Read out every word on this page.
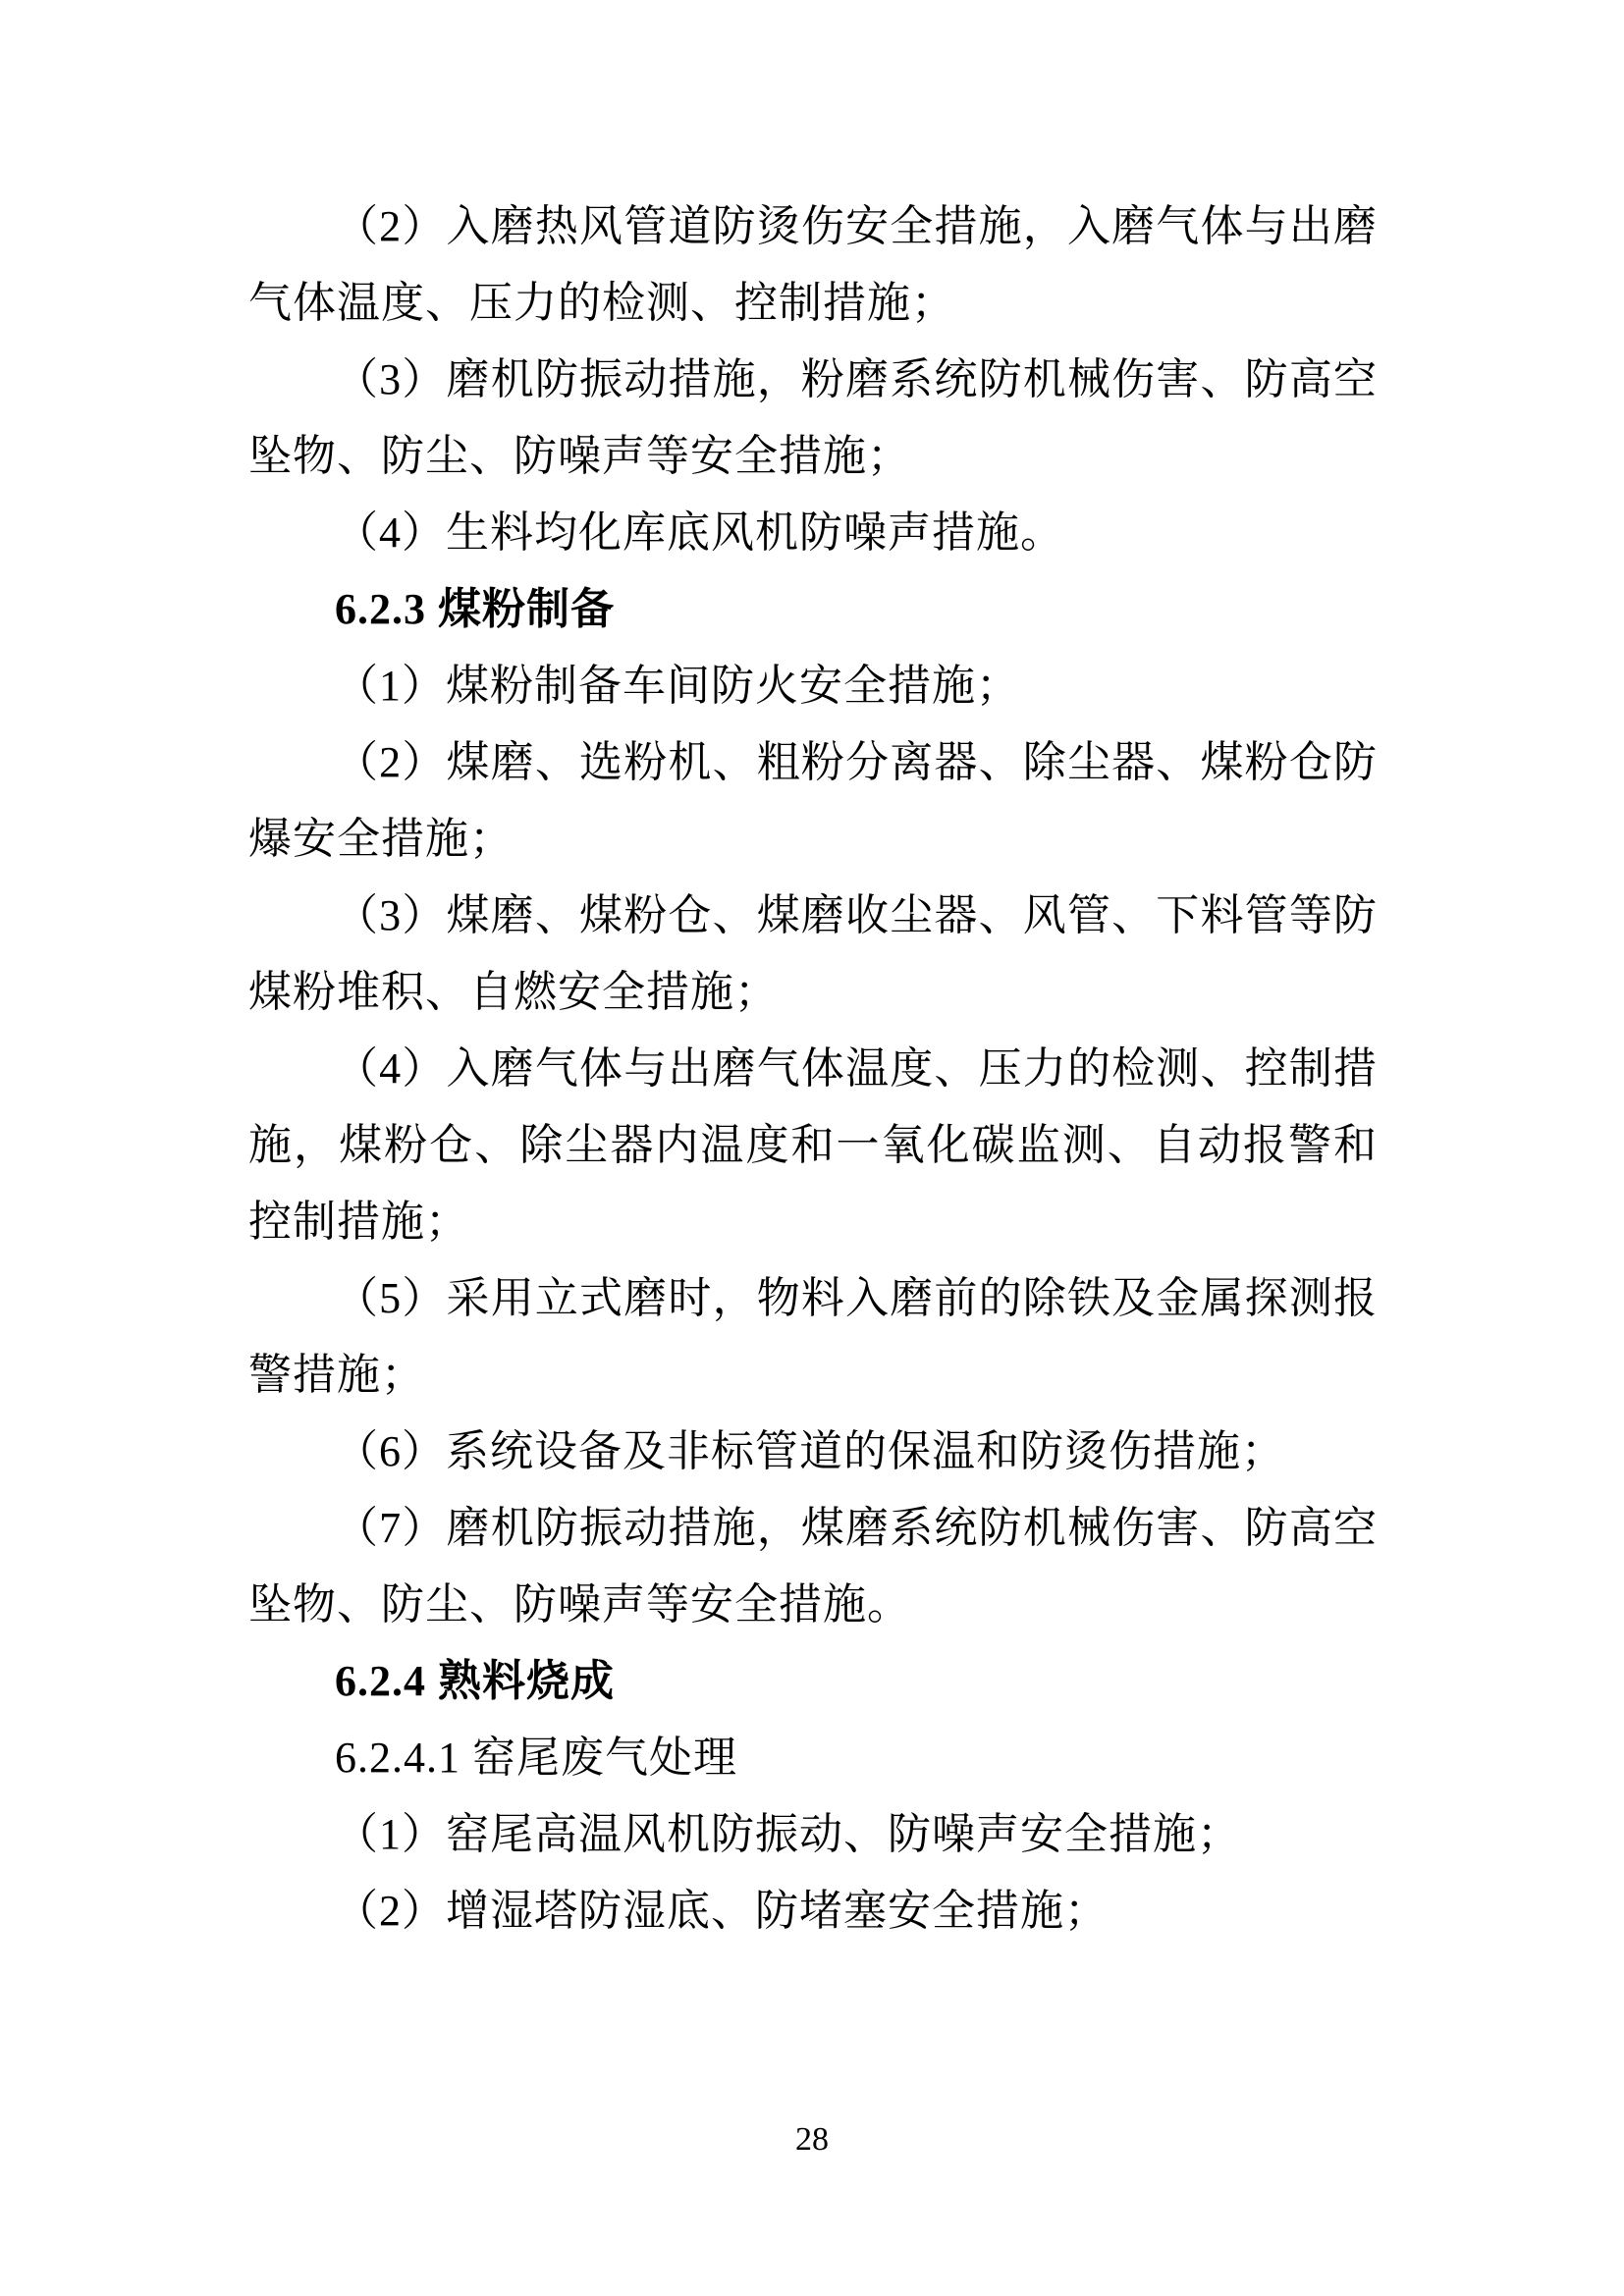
（2）入磨热风管道防烫伤安全措施，入磨气体与出磨气体温度、压力的检测、控制措施；

（3）磨机防振动措施，粉磨系统防机械伤害、防高空坠物、防尘、防噪声等安全措施；

（4）生料均化库底风机防噪声措施。

6.2.3 煤粉制备

（1）煤粉制备车间防火安全措施；

（2）煤磨、选粉机、粗粉分离器、除尘器、煤粉仓防爆安全措施；

（3）煤磨、煤粉仓、煤磨收尘器、风管、下料管等防煤粉堆积、自燃安全措施；

（4）入磨气体与出磨气体温度、压力的检测、控制措施，煤粉仓、除尘器内温度和一氧化碳监测、自动报警和控制措施；

（5）采用立式磨时，物料入磨前的除铁及金属探测报警措施；

（6）系统设备及非标管道的保温和防烫伤措施；

（7）磨机防振动措施，煤磨系统防机械伤害、防高空坠物、防尘、防噪声等安全措施。

6.2.4 熟料烧成

6.2.4.1 窑尾废气处理

（1）窑尾高温风机防振动、防噪声安全措施；

（2）增湿塔防湿底、防堵塞安全措施；

28
